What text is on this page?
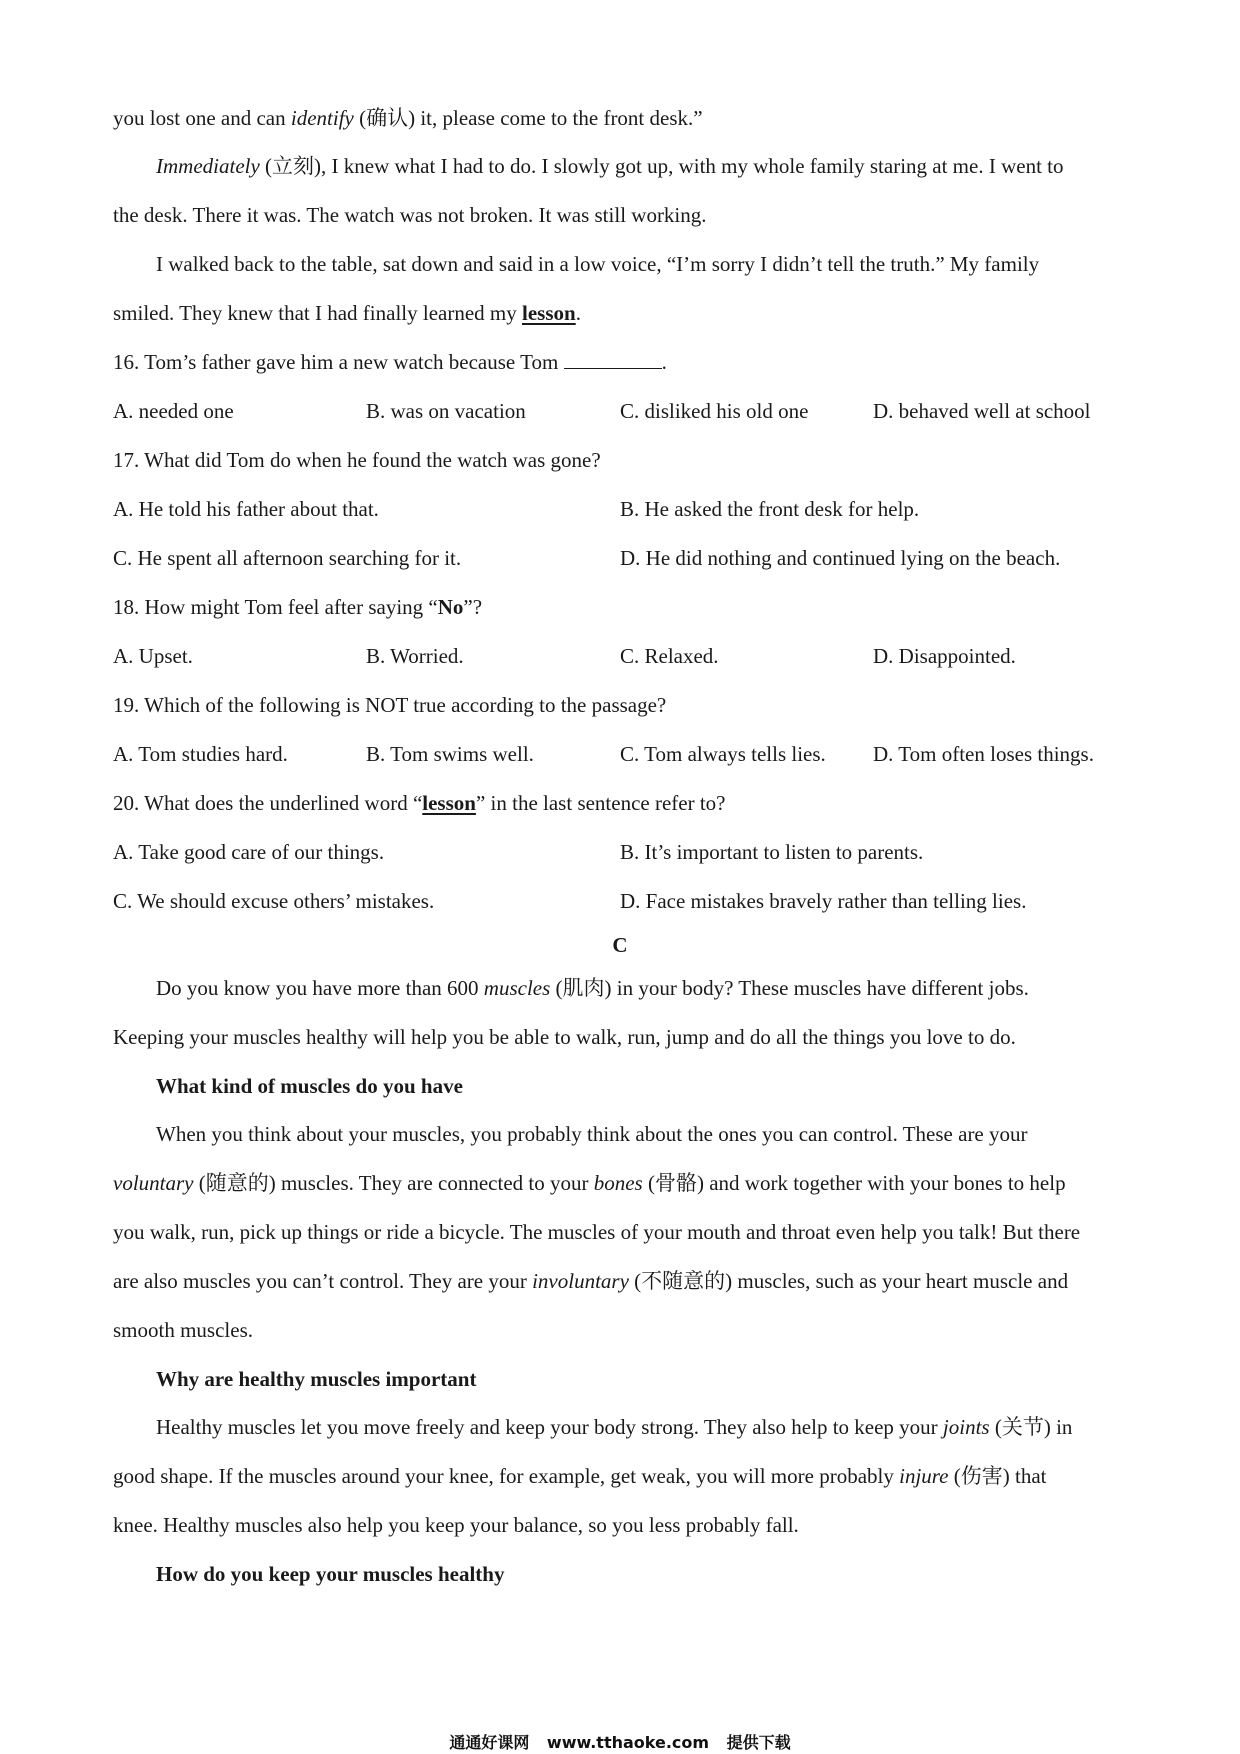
you lost one and can identify (确认) it, please come to the front desk.”
Immediately (立刻), I knew what I had to do. I slowly got up, with my whole family staring at me. I went to
the desk. There it was. The watch was not broken. It was still working.
I walked back to the table, sat down and said in a low voice, “I’m sorry I didn’t tell the truth.” My family
smiled. They knew that I had finally learned my lesson.
16. Tom’s father gave him a new watch because Tom	.
A. needed one	B. was on vacation	C. disliked his old one	D. behaved well at school
17. What did Tom do when he found the watch was gone?
A. He told his father about that.	B. He asked the front desk for help.
C. He spent all afternoon searching for it.	D. He did nothing and continued lying on the beach.
18. How might Tom feel after saying “No”?
A. Upset.	B. Worried.	C. Relaxed.	D. Disappointed.
19. Which of the following is NOT true according to the passage?
A. Tom studies hard.	B. Tom swims well.	C. Tom always tells lies. D. Tom often loses things.
20. What does the underlined word “lesson” in the last sentence refer to?
A. Take good care of our things.	B. It’s important to listen to parents.
C. We should excuse others’ mistakes.	D. Face mistakes bravely rather than telling lies.
C
Do you know you have more than 600 muscles (肌肉) in your body? These muscles have different jobs.
Keeping your muscles healthy will help you be able to walk, run, jump and do all the things you love to do.
What kind of muscles do you have
When you think about your muscles, you probably think about the ones you can control. These are your
voluntary (随意的) muscles. They are connected to your bones (骨骼) and work together with your bones to help
you walk, run, pick up things or ride a bicycle. The muscles of your mouth and throat even help you talk! But there
are also muscles you can’t control. They are your involuntary (不随意的) muscles, such as your heart muscle and
smooth muscles.
Why are healthy muscles important
Healthy muscles let you move freely and keep your body strong. They also help to keep your joints (关节) in
good shape. If the muscles around your knee, for example, get weak, you will more probably injure (伤害) that
knee. Healthy muscles also help you keep your balance, so you less probably fall.
How do you keep your muscles healthy
通通好课网 www.tthaoke.com 提供下载
